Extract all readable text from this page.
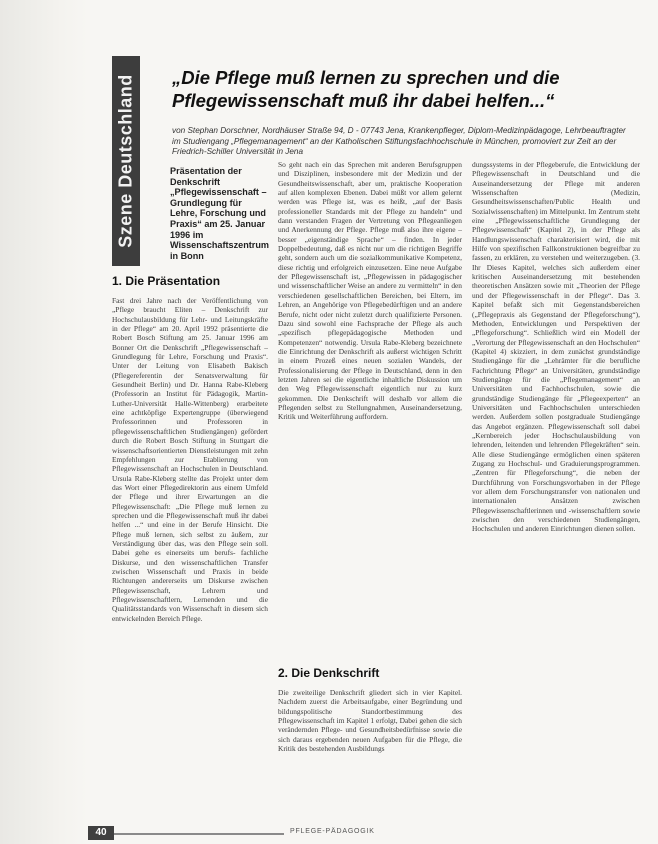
Szene Deutschland „Die Pflege muß lernen zu sprechen und die Pflegewissenschaft muß ihr dabei helfen...“

von Stephan Dorschner, Nordhäuser Straße 94, D - 07743 Jena, Krankenpfleger, Diplom-Medizinpädagoge, Lehrbeauftragter im Studiengang „Pflegemanagement“ an der Katholischen Stiftungsfachhochschule in München, promoviert zur Zeit an der Friedrich-Schiller Universität in Jena

Präsentation der Denkschrift „Pflegewissenschaft – Grundlegung für Lehre, Forschung und Praxis“ am 25. Januar 1996 im Wissenschaftszentrum in Bonn

1. Die Präsentation

Fast drei Jahre nach der Veröffentlichung von „Pflege braucht Eliten – Denkschrift zur Hochschulausbildung für Lehr- und Leitungskräfte in der Pflege“ am 20. April 1992 präsentierte die Robert Bosch Stiftung am 25. Januar 1996 am Bonner Ort die Denkschrift „Pflegewissenschaft – Grundlegung für Lehre, Forschung und Praxis“. Unter der Leitung von Elisabeth Bakisch (Pflegereferentin der Senatsverwaltung für Gesundheit Berlin) und Dr. Hanna Rabe-Kleberg (Professorin an Institut für Pädagogik, Martin-Luther-Universität Halle-Wittenberg) erarbeitete eine achtköpfige Expertengruppe (überwiegend Professorinnen und Professoren in pflegewissenschaftlichen Studiengängen) gefördert durch die Robert Bosch Stiftung in Stuttgart die wissenschaftsorientierten Dienstleistungen mit zehn Empfehlungen zur Etablierung von Pflegewissenschaft an Hochschulen in Deutschland. Ursula Rabe-Kleberg stellte das Projekt unter dem das Wort einer Pflegedirektorin aus einem Umfeld der Pflege und ihrer Erwartungen an die Pflegewissenschaft: „Die Pflege muß lernen zu sprechen und die Pflegewissenschaft muß ihr dabei helfen ...“ und eine in der Berufe Hinsicht. Die Pflege muß lernen, sich selbst zu äußern, zur Verständigung über das, was den Pflege sein soll. Dabei gehe es einerseits um berufs- fachliche Diskurse, und den wissenschaftlichen Transfer zwischen Wissenschaft und Praxis in beide Richtungen andererseits um Diskurse zwischen Pflegewissenschaft, Lehrern und Pflegewissenschaftlern, Lernenden und die Qualitätsstandards von Wissenschaft in diesem sich entwickelnden Bereich Pflege.

So geht nach ein das Sprechen mit anderen Berufsgruppen und Disziplinen, insbesondere mit der Medizin und der Gesundheitswissenschaft, aber um, praktische Kooperation auf allen komplexen Ebenen. Dabei müßt vor allem gelernt werden was Pflege ist, was es heißt, „auf der Basis professioneller Standards mit der Pflege zu handeln“ und dann verstanden Fragen der Vertretung von Pflegeanliegen und Anerkennung der Pflege. Pflege muß also ihre eigene – besser „eigenständige Sprache“ – finden. In jeder Doppelbedeutung, daß es nicht nur um die richtigen Begriffe geht, sondern auch um die sozialkommunikative Kompetenz, diese richtig und erfolgreich einzusetzen. Eine neue Aufgabe der Pflegewissenschaft ist, „Pflegewissen in pädagogischer und wissenschaftlicher Weise an andere zu vermitteln“ in den verschiedenen gesellschaftlichen Bereichen, bei Eltern, im Lehren, an Angehörige von Pflegebedürftigen und an andere Berufe, nicht oder nicht zuletzt durch qualifizierte Personen. Dazu sind sowohl eine Fachsprache der Pflege als auch „spezifisch pflegepädagogische Methoden und Kompetenzen“ notwendig. Ursula Rabe-Kleberg bezeichnete die Einrichtung der Denkschrift als außerst wichtigen Schritt in einem Prozeß eines neuen sozialen Wandels, der Professionalisierung der Pflege in Deutschland, denn in den letzten Jahren sei die eigentliche inhaltliche Diskussion um den Weg Pflegewissenschaft eigentlich nur zu kurz gekommen. Die Denkschrift will deshalb vor allem die Pflegenden selbst zu Stellungnahmen, Auseinandersetzung, Kritik und Weiterführung auffordern.

2. Die Denkschrift

Die zweiteilige Denkschrift gliedert sich in vier Kapitel. Nachdem zuerst die Arbeitsaufgabe, einer Begründung und bildungspolitische Standortbestimmung des Pflegewissenschaft im Kapitel 1 erfolgt, Dabei gehen die sich verändernden Pflege- und Gesundheitsbedürfnisse sowie die sich daraus ergebenden neuen Aufgaben für die Pflege, die Kritik des bestehenden Ausbildungs

dungssystems in der Pflegeberufe, die Entwicklung der Pflegewissenschaft in Deutschland und die Auseinandersetzung der Pflege mit anderen Wissenschaften (Medizin, Gesundheitswissenschaften/Public Health und Sozialwissenschaften) im Mittelpunkt. Im Zentrum steht eine „Pflegewissenschaftliche Grundlegung der Pflegewissenschaft“ (Kapitel 2), in der Pflege als Handlungswissenschaft charakterisiert wird, die mit Hilfe von spezifischen Fallkonstruktionen begreifbar zu fassen, zu erklären, zu verstehen und weiterzugeben. (3. Ihr Dieses Kapitel, welches sich außerdem einer kritischen Auseinandersetzung mit bestehenden theoretischen Ansätzen sowie mit „Theorien der Pflege und der Pflegewissenschaft in der Pflege“. Das 3. Kapitel befaßt sich mit Gegenstandsbereichen („Pflegepraxis als Gegenstand der Pflegeforschung“), Methoden, Entwicklungen und Perspektiven der „Pflegeforschung“. Schließlich wird ein Modell der „Verortung der Pflegewissenschaft an den Hochschulen“ (Kapitel 4) skizziert, in dem zunächst grundständige Studiengänge für die „Lehrämter für die berufliche Fachrichtung Pflege“ an Universitäten, grundständige Studiengänge für die „Pflegemanagement“ an Universitäten und Fachhochschulen, sowie die grundständige Studiengänge für „Pflegeexperten“ an Universitäten und Fachhochschulen unterschieden werden. Außerdem sollen postgraduale Studiengänge das Angebot ergänzen. Pflegewissenschaft soll dabei „Kernbereich jeder Hochschulausbildung von lehrenden, leitenden und lehrenden Pflegekräften“ sein. Alle diese Studiengänge ermöglichen einen späteren Zugang zu Hochschul- und Graduierungsprogrammen. „Zentren für Pflegeforschung“, die neben der Durchführung von Forschungsvorhaben in der Pflege vor allem dem Forschungstransfer von nationalen und internationalen Ansätzen zwischen Pflegewissenschaftlerinnen und -wissenschaftlern sowie zwischen den verschiedenen Studiengängen, Hochschulen und anderen Einrichtungen dienen sollen.

40	PFLEGE-PÄDAGOGIK
